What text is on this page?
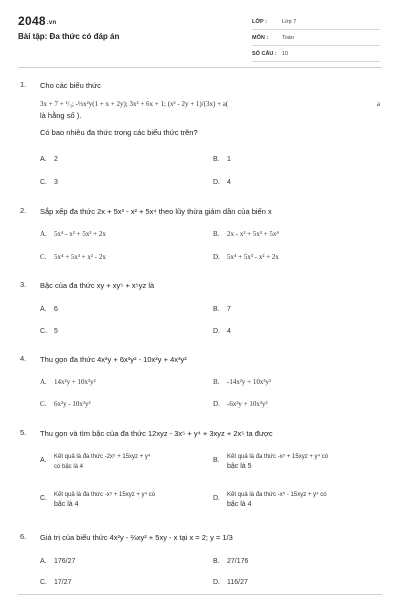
2048.vn
Bài tập: Đa thức có đáp án
LỚP :	Lớp 7
MÔN :	Toán
SỐ CÂU : 10
1. Cho các biểu thức
3x + 7 + ¹/₃; -⅓x²y(1 + x + 2y); 3x² + 6x + 1; (x² - 2y + 1)/(3x) + a(	a
là hằng số ).
Có bao nhiêu đa thức trong các biểu thức trên?
A. 2	B. 1
C. 3	D. 4
2. Sắp xếp đa thức 2x + 5x³ - x² + 5x⁴ theo lũy thừa giảm dần của biến x
A. 5x⁴ - x² + 5x³ + 2x	B. 2x - x² + 5x³ + 5x⁴
C. 5x⁴ + 5x³ + x² - 2x	D. 5x⁴ + 5x³ - x² + 2x
3. Bậc của đa thức xy + xy⁵ + x⁵yz là
A. 6	B. 7
C. 5	D. 4
4. Thu gọn đa thức 4x²y + 6x³y² - 10x²y + 4x³y²
A. 14x²y + 10x³y²	B. -14x²y + 10x³y²
C. 6x²y - 10x³y²	D. -6x²y + 10x³y²
5. Thu gọn và tìm bậc của đa thức 12xyz - 3x⁵ + y⁴ + 3xyz + 2x⁵ ta được
A. Kết quả là đa thức -2x⁵ + 15xyz + y⁴
có bậc là 4
B. Kết quả là đa thức -x⁵ + 15xyz + y⁴ có
bậc là 5
C. Kết quả là đa thức -x⁵ + 15xyz + y⁴ có
bậc là 4
D. Kết quả là đa thức -x⁵ - 15xyz + y⁴ có
bậc là 4
6. Giá trị của biểu thức 4x²y - ⅔xy² + 5xy - x tại x = 2; y = 1/3
A. 176/27	B. 27/176
C. 17/27	D. 116/27
